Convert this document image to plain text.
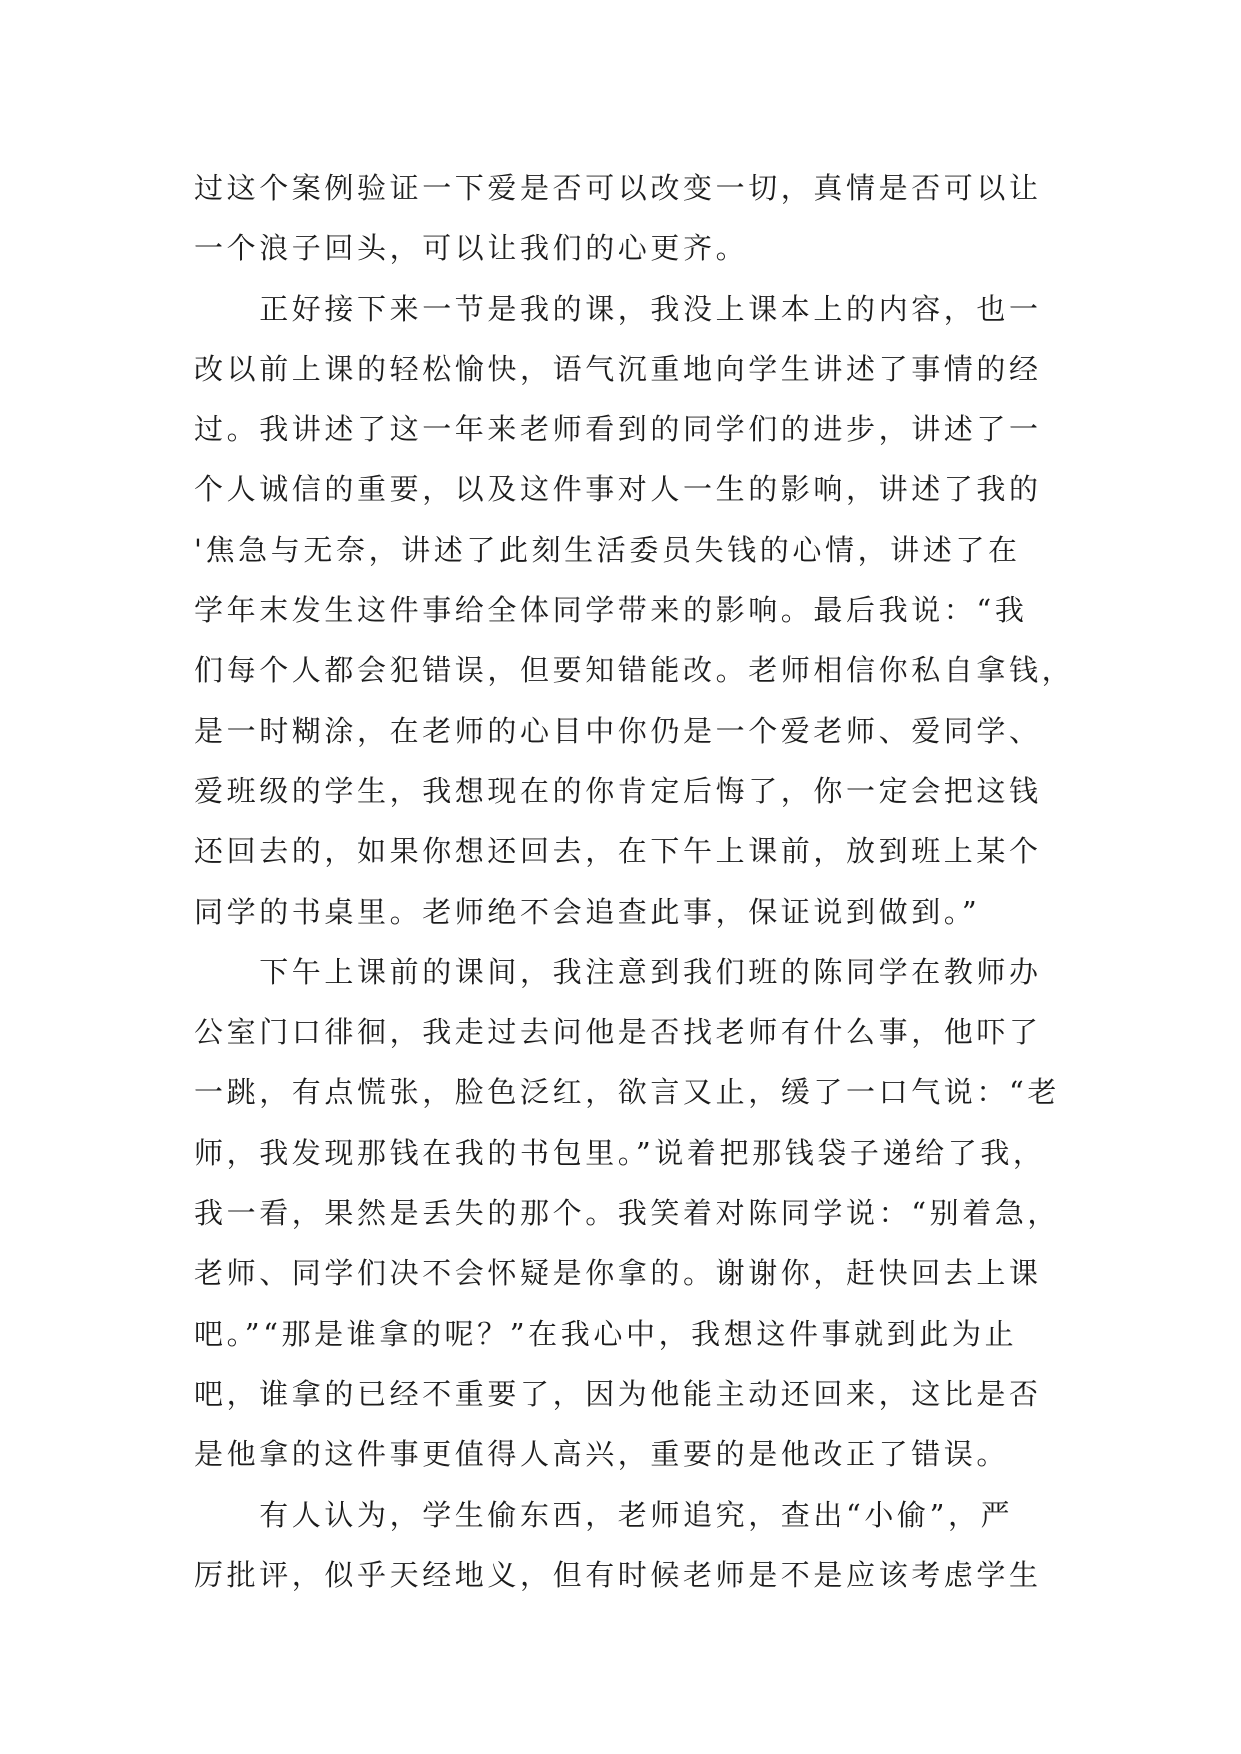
过这个案例验证一下爱是否可以改变一切，真情是否可以让
一个浪子回头，可以让我们的心更齐。
　　正好接下来一节是我的课，我没上课本上的内容，也一
改以前上课的轻松愉快，语气沉重地向学生讲述了事情的经
过。我讲述了这一年来老师看到的同学们的进步，讲述了一
个人诚信的重要，以及这件事对人一生的影响，讲述了我的
'焦急与无奈，讲述了此刻生活委员失钱的心情，讲述了在
学年末发生这件事给全体同学带来的影响。最后我说：“我
们每个人都会犯错误，但要知错能改。老师相信你私自拿钱，
是一时糊涂，在老师的心目中你仍是一个爱老师、爱同学、
爱班级的学生，我想现在的你肯定后悔了，你一定会把这钱
还回去的，如果你想还回去，在下午上课前，放到班上某个
同学的书桌里。老师绝不会追查此事，保证说到做到。”
　　下午上课前的课间，我注意到我们班的陈同学在教师办
公室门口徘徊，我走过去问他是否找老师有什么事，他吓了
一跳，有点慌张，脸色泛红，欲言又止，缓了一口气说：“老
师，我发现那钱在我的书包里。”说着把那钱袋子递给了我，
我一看，果然是丢失的那个。我笑着对陈同学说：“别着急，
老师、同学们决不会怀疑是你拿的。谢谢你，赶快回去上课
吧。”“那是谁拿的呢？”在我心中，我想这件事就到此为止
吧，谁拿的已经不重要了，因为他能主动还回来，这比是否
是他拿的这件事更值得人高兴，重要的是他改正了错误。
　　有人认为，学生偷东西，老师追究，查出“小偷”，严
厉批评，似乎天经地义，但有时候老师是不是应该考虑学生
